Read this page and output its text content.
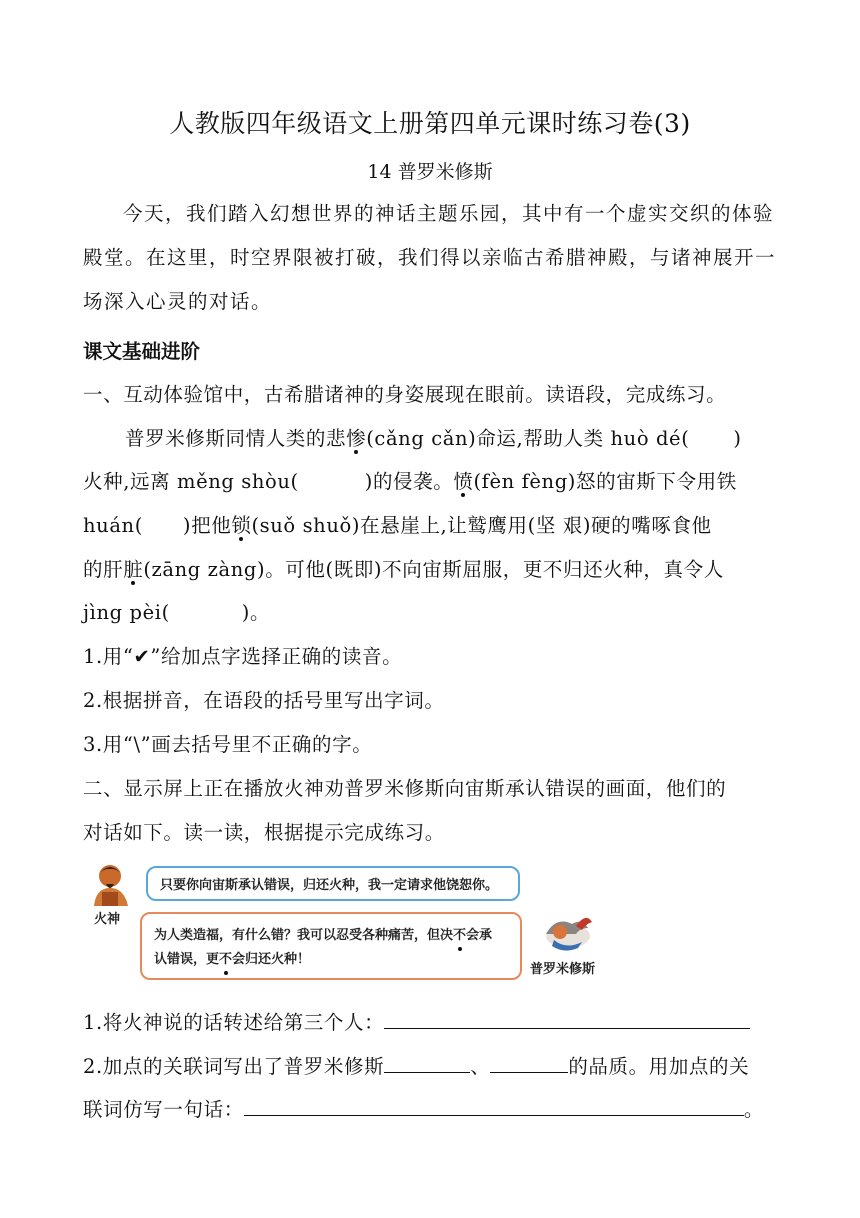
人教版四年级语文上册第四单元课时练习卷(3)
14 普罗米修斯
今天，我们踏入幻想世界的神话主题乐园，其中有一个虚实交织的体验殿堂。在这里，时空界限被打破，我们得以亲临古希腊神殿，与诸神展开一场深入心灵的对话。
课文基础进阶
一、互动体验馆中，古希腊诸神的身姿展现在眼前。读语段，完成练习。
普罗米修斯同情人类的悲惨(cǎng cǎn)命运,帮助人类 huò dé( )
火种,远离 měng shòu(	)的侵袭。愤(fèn fèng)怒的宙斯下令用铁
huán( )把他锁(suǒ shuǒ)在悬崖上,让鹫鹰用(坚 艰)硬的嘴啄食他
的肝脏(zāng zàng)。可他(既即)不向宙斯屈服，更不归还火种，真令人
jìng pèi(	)。
1.用“✔”给加点字选择正确的读音。
2.根据拼音，在语段的括号里写出字词。
3.用“\”画去括号里不正确的字。
二、显示屏上正在播放火神劝普罗米修斯向宙斯承认错误的画面，他们的
对话如下。读一读，根据提示完成练习。
火神
只要你向宙斯承认错误，归还火种，我一定请求他饶恕你。
为人类造福，有什么错？我可以忍受各种痛苦，但决不会承
认错误，更不会归还火种！
普罗米修斯
1.将火神说的话转述给第三个人：
2.加点的关联词写出了普罗米修斯	、	的品质。用加点的关
联词仿写一句话：	。
